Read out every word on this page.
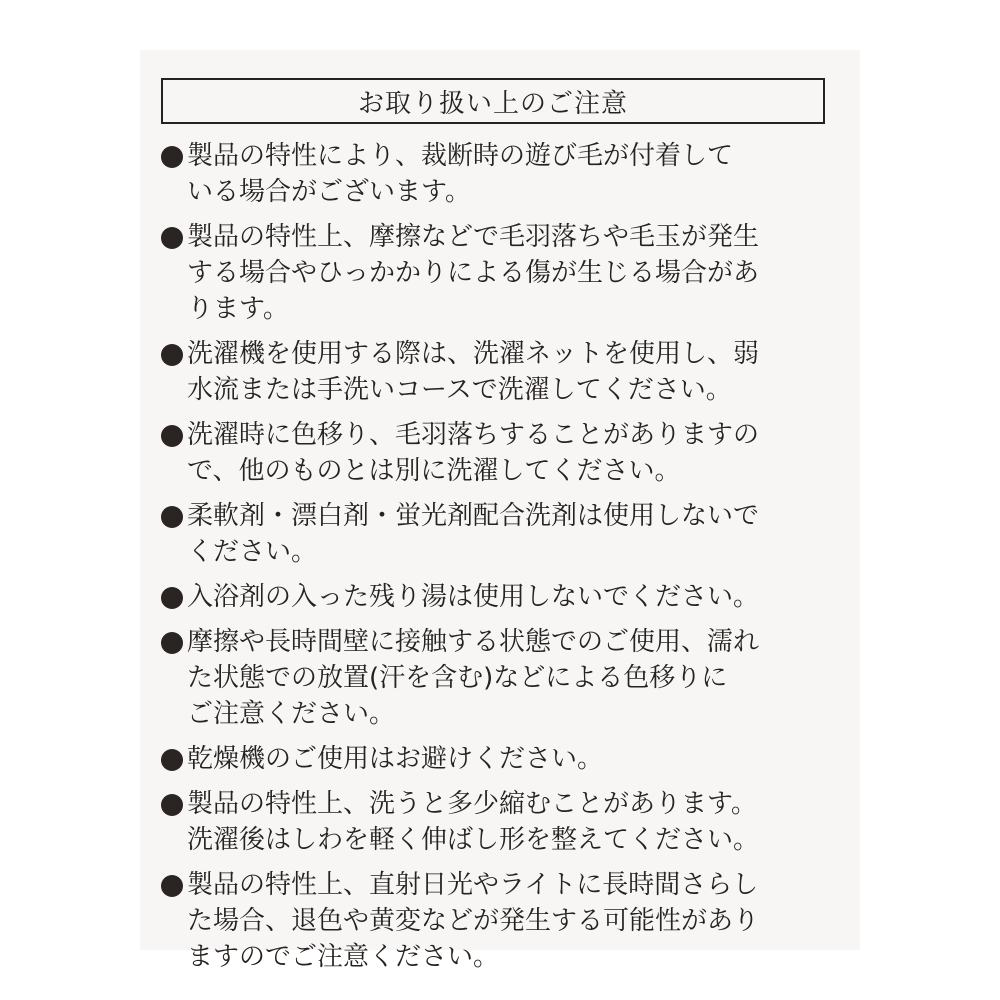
お取り扱い上のご注意
製品の特性により、裁断時の遊び毛が付着して
いる場合がございます。
製品の特性上、摩擦などで毛羽落ちや毛玉が発生
する場合やひっかかりによる傷が生じる場合があ
ります。
洗濯機を使用する際は、洗濯ネットを使用し、弱
水流または手洗いコースで洗濯してください。
洗濯時に色移り、毛羽落ちすることがありますの
で、他のものとは別に洗濯してください。
柔軟剤・漂白剤・蛍光剤配合洗剤は使用しないで
ください。
入浴剤の入った残り湯は使用しないでください。
摩擦や長時間壁に接触する状態でのご使用、濡れ
た状態での放置(汗を含む)などによる色移りに
ご注意ください。
乾燥機のご使用はお避けください。
製品の特性上、洗うと多少縮むことがあります。
洗濯後はしわを軽く伸ばし形を整えてください。
製品の特性上、直射日光やライトに長時間さらし
た場合、退色や黄変などが発生する可能性があり
ますのでご注意ください。
